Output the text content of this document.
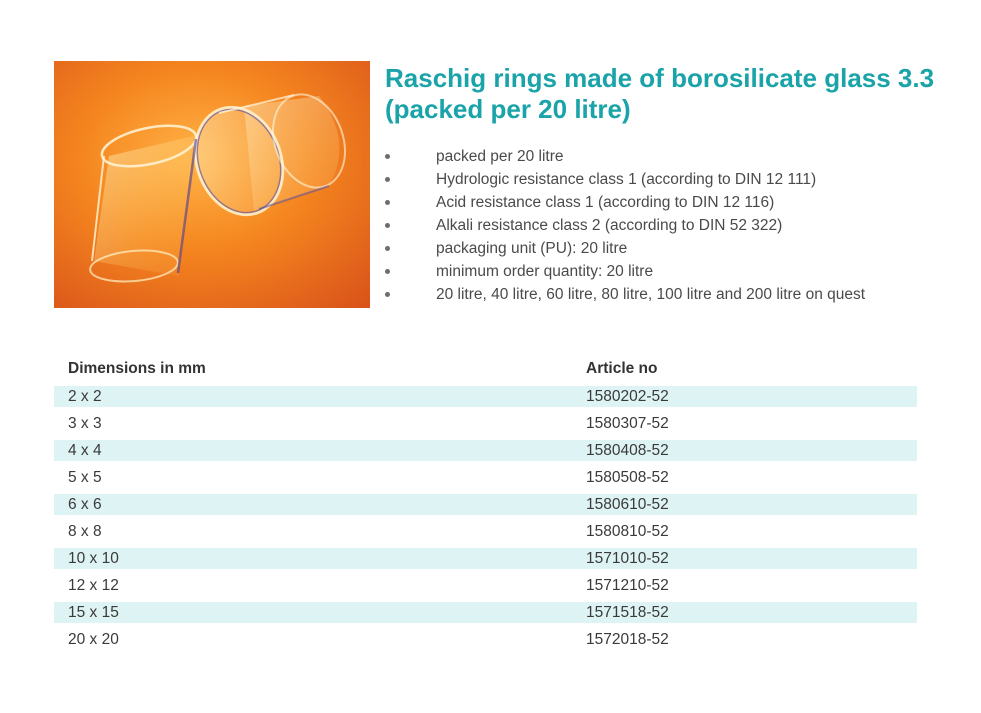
Raschig rings made of borosilicate glass 3.3 (packed per 20 litre)
packed per 20 litre
Hydrologic resistance class 1 (according to DIN 12 111)
Acid resistance class 1 (according to DIN 12 116)
Alkali resistance class 2 (according to DIN 52 322)
packaging unit (PU): 20 litre
minimum order quantity: 20 litre
20 litre, 40 litre, 60 litre, 80 litre, 100 litre and 200 litre on quest
Dimensions in mm	Article no
2 x 2	1580202-52
3 x 3	1580307-52
4 x 4	1580408-52
5 x 5	1580508-52
6 x 6	1580610-52
8 x 8	1580810-52
10 x 10	1571010-52
12 x 12	1571210-52
15 x 15	1571518-52
20 x 20	1572018-52
